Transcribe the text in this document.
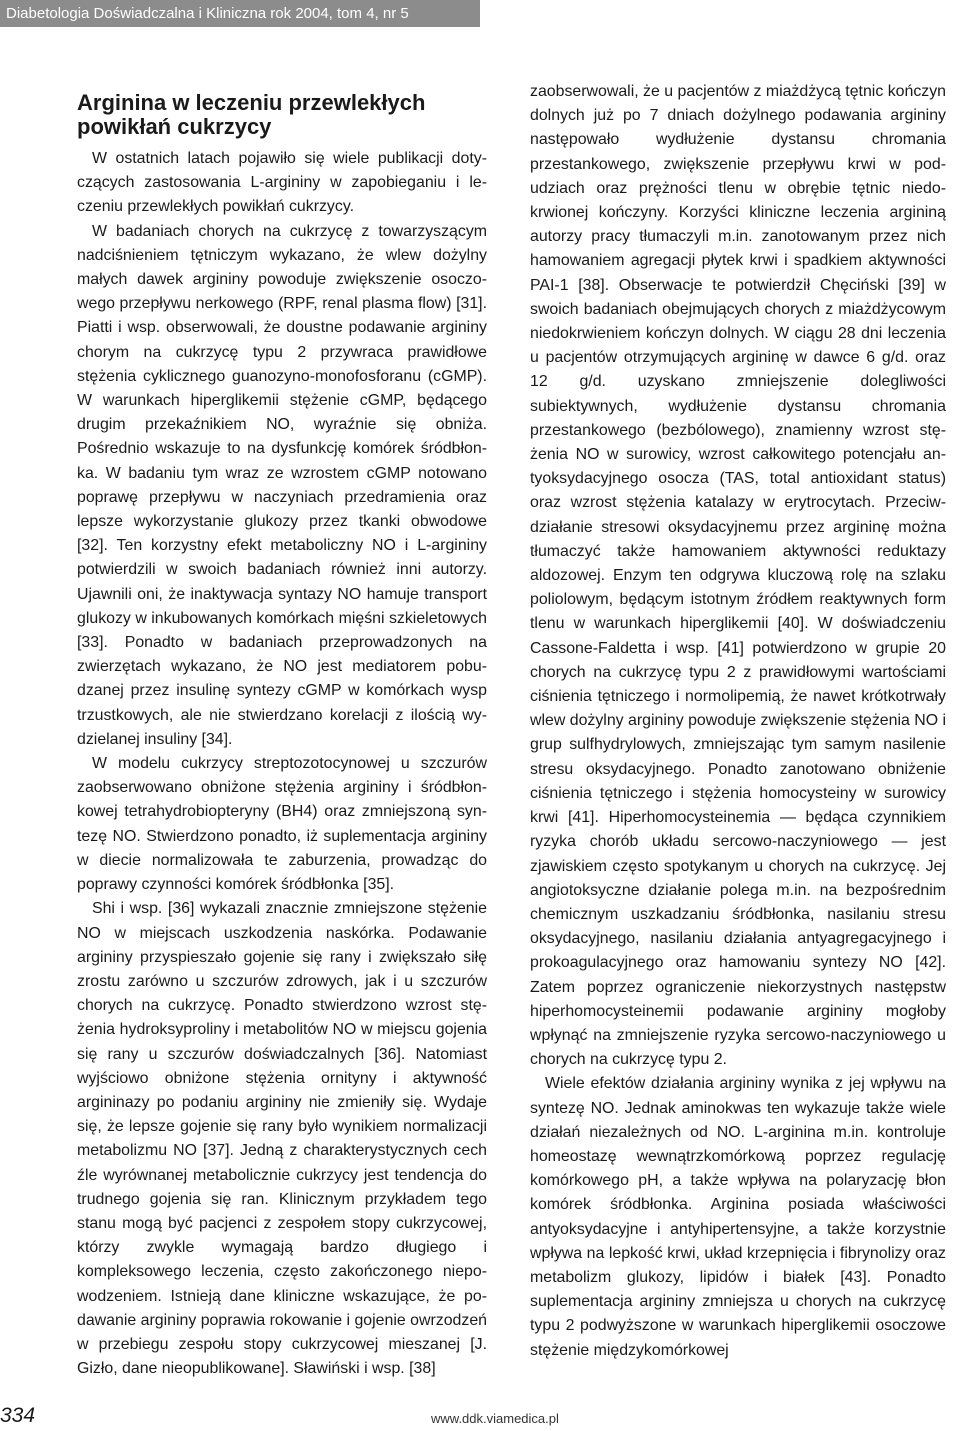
Diabetologia Doświadczalna i Kliniczna rok 2004, tom 4, nr 5
Arginina w leczeniu przewlekłych
powikłań cukrzycy

W ostatnich latach pojawiło się wiele publikacji dotyczących zastosowania L-argininy w zapobieganiu i leczeniu przewlekłych powikłań cukrzycy.

W badaniach chorych na cukrzycę z towarzyszącym nadciśnieniem tętniczym wykazano, że wlew dożylny małych dawek argininy powoduje zwiększenie osoczowego przepływu nerkowego (RPF, renal plasma flow) [31]. Piatti i wsp. obserwowali, że doustne podawanie argininy chorym na cukrzycę typu 2 przywraca prawidłowe stężenia cyklicznego guanozyno-monofosforanu (cGMP). W warunkach hiperglikemii stężenie cGMP, będącego drugim przekaźnikiem NO, wyraźnie się obniża. Pośrednio wskazuje to na dysfunkcję komórek śródbłonka. W badaniu tym wraz ze wzrostem cGMP notowano poprawę przepływu w naczyniach przedramienia oraz lepsze wykorzystanie glukozy przez tkanki obwodowe [32]. Ten korzystny efekt metaboliczny NO i L-argininy potwierdzili w swoich badaniach również inni autorzy. Ujawnili oni, że inaktywacja syntazy NO hamuje transport glukozy w inkubowanych komórkach mięśni szkieletowych [33]. Ponadto w badaniach przeprowadzonych na zwierzętach wykazano, że NO jest mediatorem pobudzanej przez insulinę syntezy cGMP w komórkach wysp trzustkowych, ale nie stwierdzano korelacji z ilością wydzielanej insuliny [34].

W modelu cukrzycy streptozotocynowej u szczurów zaobserwowano obniżone stężenia argininy i śródbłonkowej tetrahydrobiopteryny (BH4) oraz zmniejszoną syntezę NO. Stwierdzono ponadto, iż suplementacja argininy w diecie normalizowała te zaburzenia, prowadząc do poprawy czynności komórek śródbłonka [35].

Shi i wsp. [36] wykazali znacznie zmniejszone stężenie NO w miejscach uszkodzenia naskórka. Podawanie argininy przyspieszało gojenie się rany i zwiększało siłę zrostu zarówno u szczurów zdrowych, jak i u szczurów chorych na cukrzycę. Ponadto stwierdzono wzrost stężenia hydroksyproliny i metabolitów NO w miejscu gojenia się rany u szczurów doświadczalnych [36]. Natomiast wyjściowo obniżone stężenia ornityny i aktywność argininazy po podaniu argininy nie zmieniły się. Wydaje się, że lepsze gojenie się rany było wynikiem normalizacji metabolizmu NO [37]. Jedną z charakterystycznych cech źle wyrównanej metabolicznie cukrzycy jest tendencja do trudnego gojenia się ran. Klinicznym przykładem tego stanu mogą być pacjenci z zespołem stopy cukrzycowej, którzy zwykle wymagają bardzo długiego i kompleksowego leczenia, często zakończonego niepowodzeniem. Istnieją dane kliniczne wskazujące, że podawanie argininy poprawia rokowanie i gojenie owrzodzeń w przebiegu zespołu stopy cukrzycowej mieszanej [J. Gizło, dane nieopublikowane]. Sławiński i wsp. [38]

zaobserwowali, że u pacjentów z miażdżycą tętnic kończyn dolnych już po 7 dniach dożylnego podawania argininy następowało wydłużenie dystansu chromania przestankowego, zwiększenie przepływu krwi w podudziach oraz prężności tlenu w obrębie tętnic niedokrwionej kończyny. Korzyści kliniczne leczenia argininą autorzy pracy tłumaczyli m.in. zanotowanym przez nich hamowaniem agregacji płytek krwi i spadkiem aktywności PAI-1 [38]. Obserwacje te potwierdził Chęciński [39] w swoich badaniach obejmujących chorych z miażdżycowym niedokrwieniem kończyn dolnych. W ciągu 28 dni leczenia u pacjentów otrzymujących argininę w dawce 6 g/d. oraz 12 g/d. uzyskano zmniejszenie dolegliwości subiektywnych, wydłużenie dystansu chromania przestankowego (bezbólowego), znamienny wzrost stężenia NO w surowicy, wzrost całkowitego potencjału antyoksydacyjnego osocza (TAS, total antioxidant status) oraz wzrost stężenia katalazy w erytrocytach. Przeciwdziałanie stresowi oksydacyjnemu przez argininę można tłumaczyć także hamowaniem aktywności reduktazy aldozowej. Enzym ten odgrywa kluczową rolę na szlaku poliolowym, będącym istotnym źródłem reaktywnych form tlenu w warunkach hiperglikemii [40]. W doświadczeniu Cassone-Faldetta i wsp. [41] potwierdzono w grupie 20 chorych na cukrzycę typu 2 z prawidłowymi wartościami ciśnienia tętniczego i normolipemią, że nawet krótkotrwały wlew dożylny argininy powoduje zwiększenie stężenia NO i grup sulfhydrylowych, zmniejszając tym samym nasilenie stresu oksydacyjnego. Ponadto zanotowano obniżenie ciśnienia tętniczego i stężenia homocysteiny w surowicy krwi [41]. Hiperhomocysteinemia — będąca czynnikiem ryzyka chorób układu sercowo-naczyniowego — jest zjawiskiem często spotykanym u chorych na cukrzycę. Jej angiotoksyczne działanie polega m.in. na bezpośrednim chemicznym uszkadzaniu śródbłonka, nasilaniu stresu oksydacyjnego, nasilaniu działania antyagregacyjnego i prokoagulacyjnego oraz hamowaniu syntezy NO [42]. Zatem poprzez ograniczenie niekorzystnych następstw hiperhomocysteinemii podawanie argininy mogłoby wpłynąć na zmniejszenie ryzyka sercowo-naczyniowego u chorych na cukrzycę typu 2.

Wiele efektów działania argininy wynika z jej wpływu na syntezę NO. Jednak aminokwas ten wykazuje także wiele działań niezależnych od NO. L-arginina m.in. kontroluje homeostazę wewnątrzkomórkową poprzez regulację komórkowego pH, a także wpływa na polaryzację błon komórek śródbłonka. Arginina posiada właściwości antyoksydacyjne i antyhipertensyjne, a także korzystnie wpływa na lepkość krwi, układ krzepnięcia i fibrynolizy oraz metabolizm glukozy, lipidów i białek [43]. Ponadto suplementacja argininy zmniejsza u chorych na cukrzycę typu 2 podwyższone w warunkach hiperglikemii osoczowe stężenie międzykomórkowej

334	www.ddk.viamedica.pl
